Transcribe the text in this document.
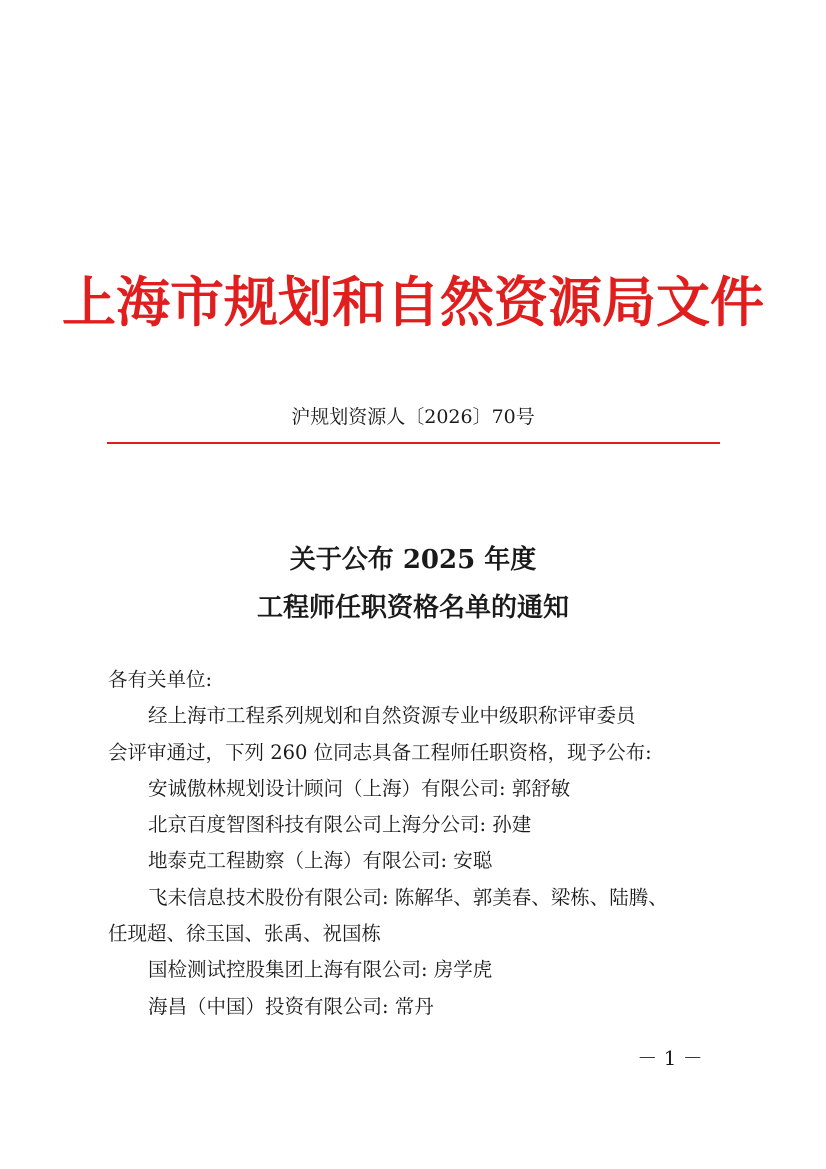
上海市规划和自然资源局文件
沪规划资源人〔2026〕70号
关于公布 2025 年度
工程师任职资格名单的通知
各有关单位:
经上海市工程系列规划和自然资源专业中级职称评审委员
会评审通过，下列 260 位同志具备工程师任职资格，现予公布:
安诚傲林规划设计顾问（上海）有限公司: 郭舒敏
北京百度智图科技有限公司上海分公司: 孙建
地泰克工程勘察（上海）有限公司: 安聪
飞未信息技术股份有限公司: 陈解华、郭美春、梁栋、陆腾、
任现超、徐玉国、张禹、祝国栋
国检测试控股集团上海有限公司: 房学虎
海昌（中国）投资有限公司: 常丹
－ 1 －
